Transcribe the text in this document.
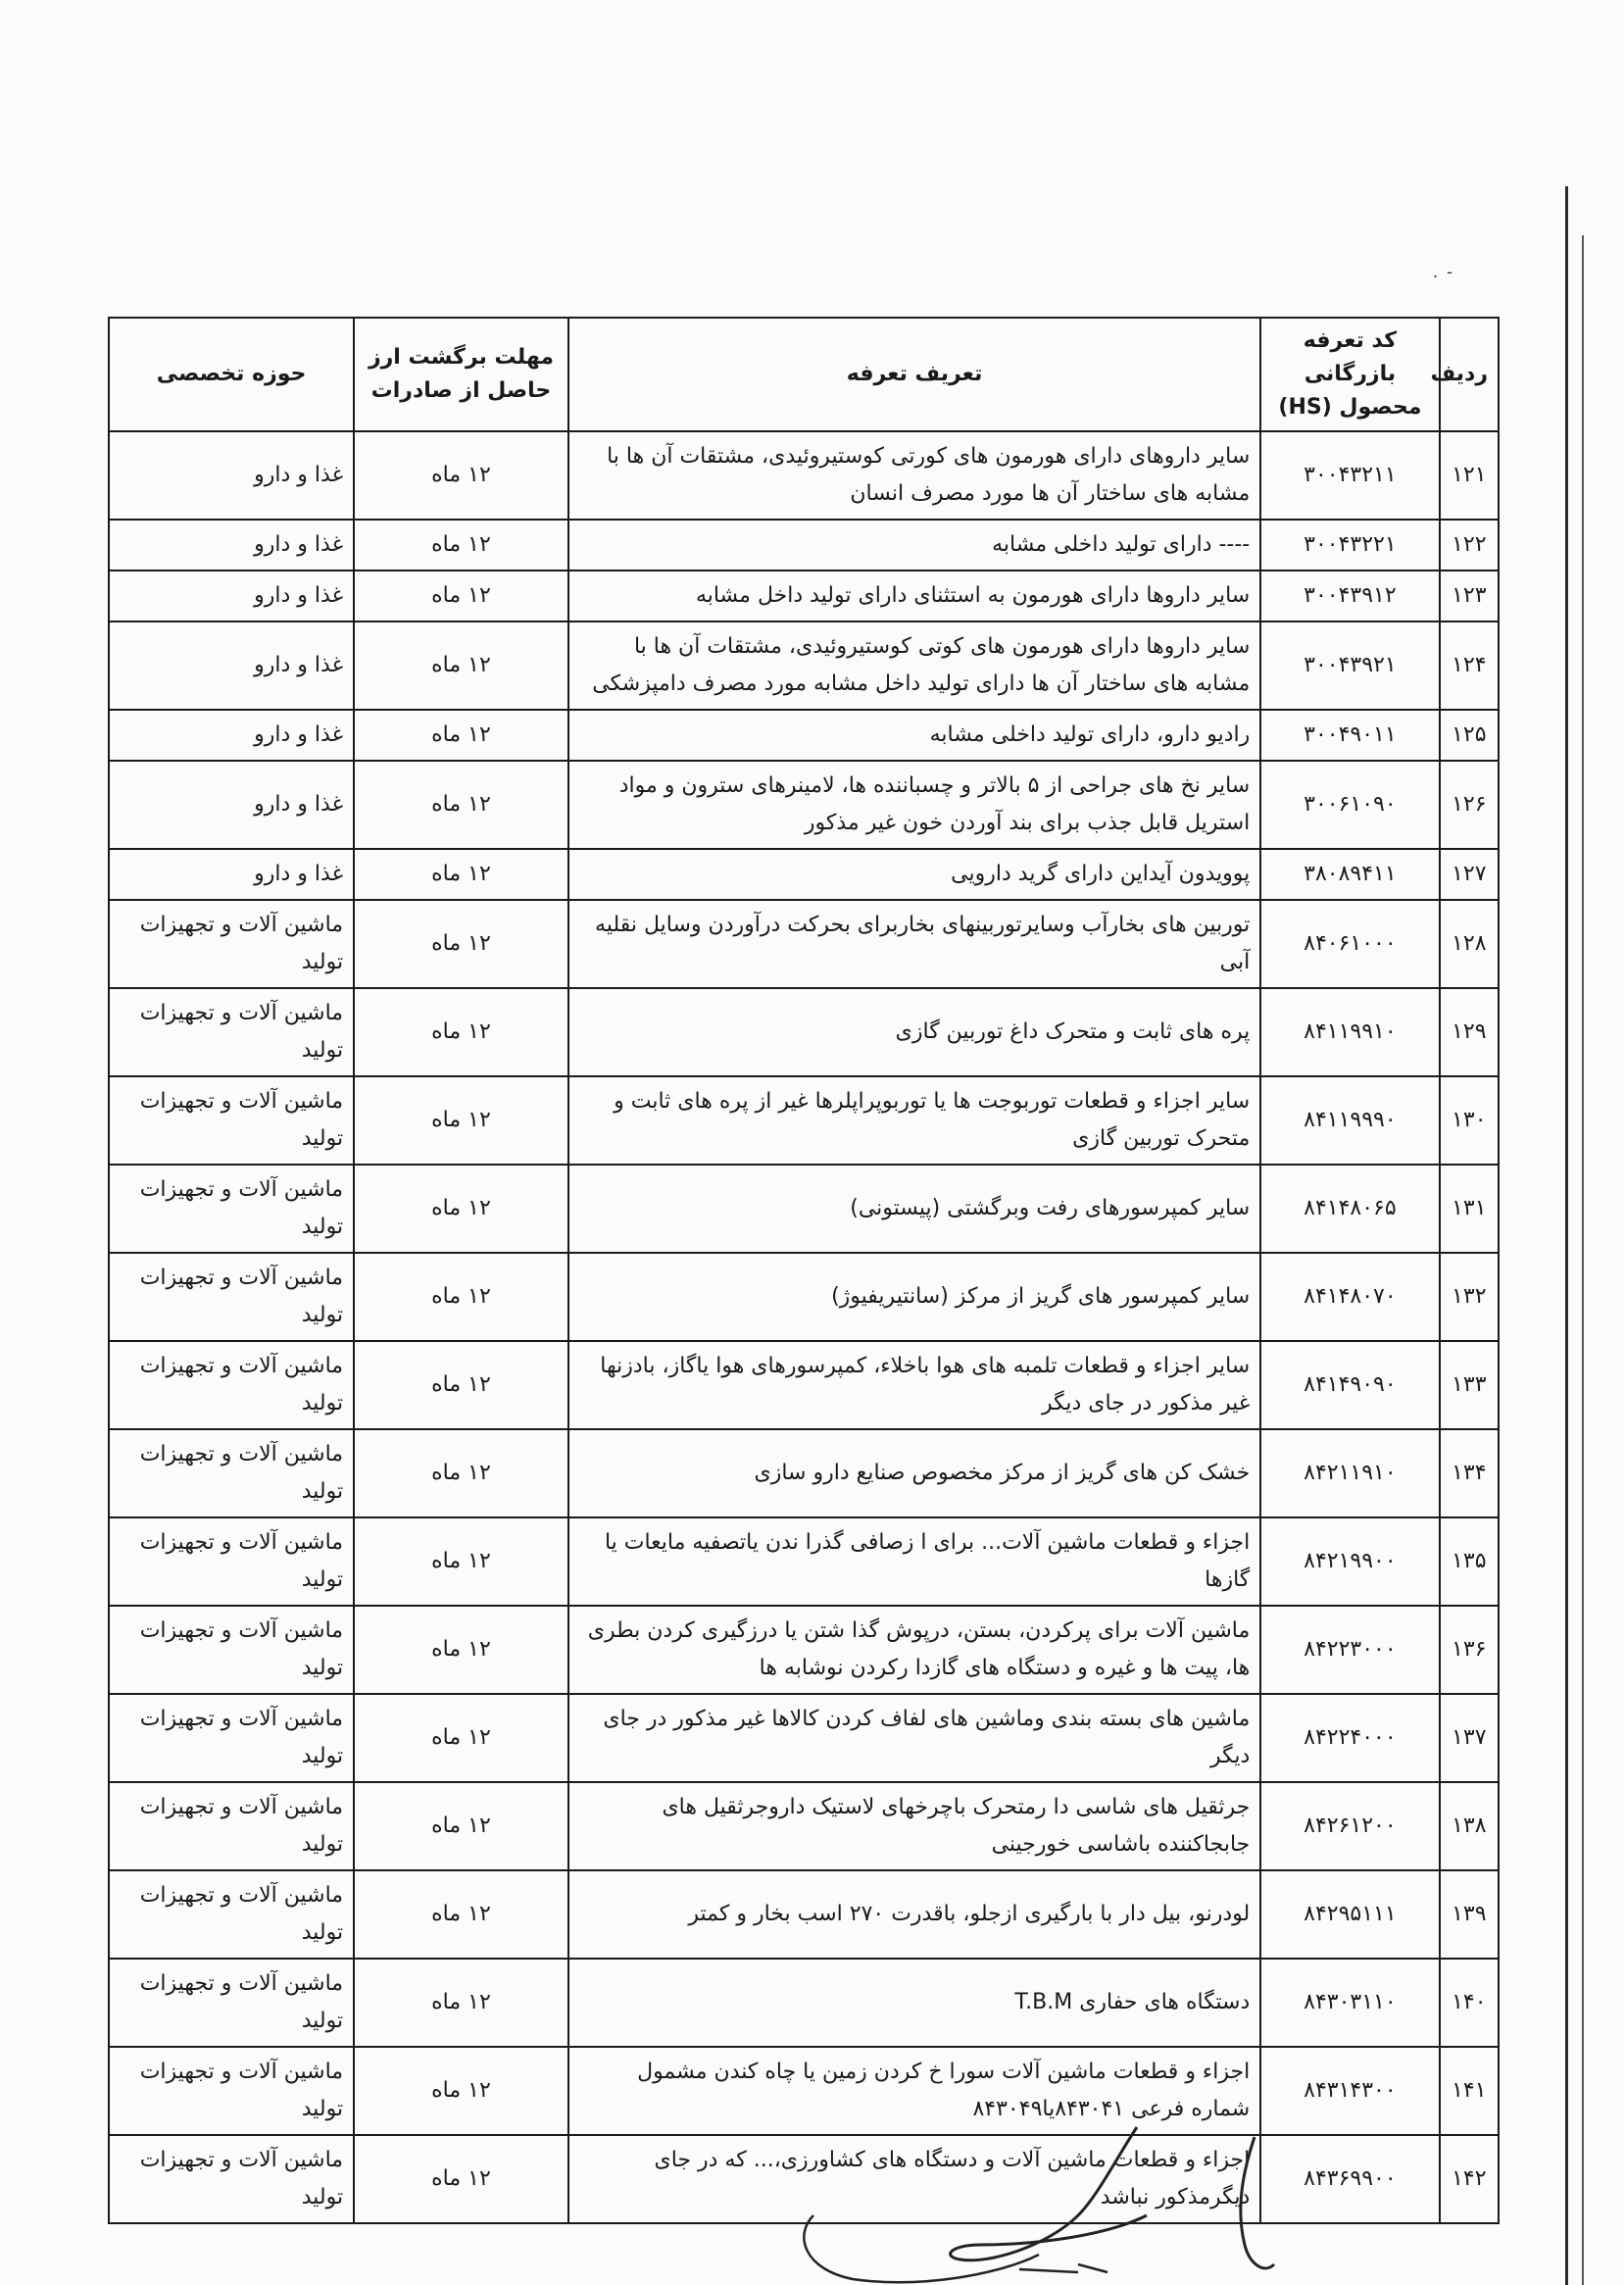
. -
ردیف	کد تعرفه بازرگانی محصول (HS)	تعریف تعرفه	مهلت برگشت ارز حاصل از صادرات	حوزه تخصصی
۱۲۱	۳۰۰۴۳۲۱۱	سایر داروهای دارای هورمون های کورتی کوستیروئیدی، مشتقات آن ها با مشابه های ساختار آن ها مورد مصرف انسان	۱۲ ماه	غذا و دارو
۱۲۲	۳۰۰۴۳۲۲۱	---- دارای تولید داخلی مشابه	۱۲ ماه	غذا و دارو
۱۲۳	۳۰۰۴۳۹۱۲	سایر داروها دارای هورمون به استثنای دارای تولید داخل مشابه	۱۲ ماه	غذا و دارو
۱۲۴	۳۰۰۴۳۹۲۱	سایر داروها دارای هورمون های کوتی کوستیروئیدی، مشتقات آن ها با مشابه های ساختار آن ها دارای تولید داخل مشابه مورد مصرف دامپزشکی	۱۲ ماه	غذا و دارو
۱۲۵	۳۰۰۴۹۰۱۱	رادیو دارو، دارای تولید داخلی مشابه	۱۲ ماه	غذا و دارو
۱۲۶	۳۰۰۶۱۰۹۰	سایر نخ های جراحی از ۵ بالاتر و چسباننده ها، لامینرهای سترون و مواد استریل قابل جذب برای بند آوردن خون غیر مذکور	۱۲ ماه	غذا و دارو
۱۲۷	۳۸۰۸۹۴۱۱	پوویدون آیداین دارای گرید دارویی	۱۲ ماه	غذا و دارو
۱۲۸	۸۴۰۶۱۰۰۰	توربین های بخارآب وسایرتوربینهای بخاربرای بحرکت درآوردن وسایل نقلیه آبی	۱۲ ماه	ماشین آلات و تجهیزات تولید
۱۲۹	۸۴۱۱۹۹۱۰	پره های ثابت و متحرک داغ توربین گازی	۱۲ ماه	ماشین آلات و تجهیزات تولید
۱۳۰	۸۴۱۱۹۹۹۰	سایر اجزاء و قطعات توربوجت ها یا توربوپراپلرها غیر از پره های ثابت و متحرک توربین گازی	۱۲ ماه	ماشین آلات و تجهیزات تولید
۱۳۱	۸۴۱۴۸۰۶۵	سایر کمپرسورهای رفت وبرگشتی (پیستونی)	۱۲ ماه	ماشین آلات و تجهیزات تولید
۱۳۲	۸۴۱۴۸۰۷۰	سایر کمپرسور های گریز از مرکز (سانتیریفیوژ)	۱۲ ماه	ماشین آلات و تجهیزات تولید
۱۳۳	۸۴۱۴۹۰۹۰	سایر اجزاء و قطعات تلمبه های هوا باخلاء، کمپرسورهای هوا یاگاز، بادزنها غیر مذکور در جای دیگر	۱۲ ماه	ماشین آلات و تجهیزات تولید
۱۳۴	۸۴۲۱۱۹۱۰	خشک کن های گریز از مرکز مخصوص صنایع دارو سازی	۱۲ ماه	ماشین آلات و تجهیزات تولید
۱۳۵	۸۴۲۱۹۹۰۰	اجزاء و قطعات ماشین آلات... برای ا زصافی گذرا ندن یاتصفیه مایعات یا گازها	۱۲ ماه	ماشین آلات و تجهیزات تولید
۱۳۶	۸۴۲۲۳۰۰۰	ماشین آلات برای پرکردن، بستن، درپوش گذا شتن یا درزگیری کردن بطری ها، پیت ها و غیره و دستگاه های گازدا رکردن نوشابه ها	۱۲ ماه	ماشین آلات و تجهیزات تولید
۱۳۷	۸۴۲۲۴۰۰۰	ماشین های بسته بندی وماشین های لفاف کردن کالاها غیر مذکور در جای دیگر	۱۲ ماه	ماشین آلات و تجهیزات تولید
۱۳۸	۸۴۲۶۱۲۰۰	جرثقیل های شاسی دا رمتحرک باچرخهای لاستیک داروجرثقیل های جابجاکننده باشاسی خورجینی	۱۲ ماه	ماشین آلات و تجهیزات تولید
۱۳۹	۸۴۲۹۵۱۱۱	لودرنو، بیل دار با بارگیری ازجلو، باقدرت ۲۷۰ اسب بخار و کمتر	۱۲ ماه	ماشین آلات و تجهیزات تولید
۱۴۰	۸۴۳۰۳۱۱۰	دستگاه های حفاری T.B.M	۱۲ ماه	ماشین آلات و تجهیزات تولید
۱۴۱	۸۴۳۱۴۳۰۰	اجزاء و قطعات ماشین آلات سورا خ کردن زمین یا چاه کندن مشمول شماره فرعی ۸۴۳۰۴۱یا۸۴۳۰۴۹	۱۲ ماه	ماشین آلات و تجهیزات تولید
۱۴۲	۸۴۳۶۹۹۰۰	اجزاء و قطعات ماشین آلات و دستگاه های کشاورزی،... که در جای دیگرمذکور نباشد	۱۲ ماه	ماشین آلات و تجهیزات تولید
